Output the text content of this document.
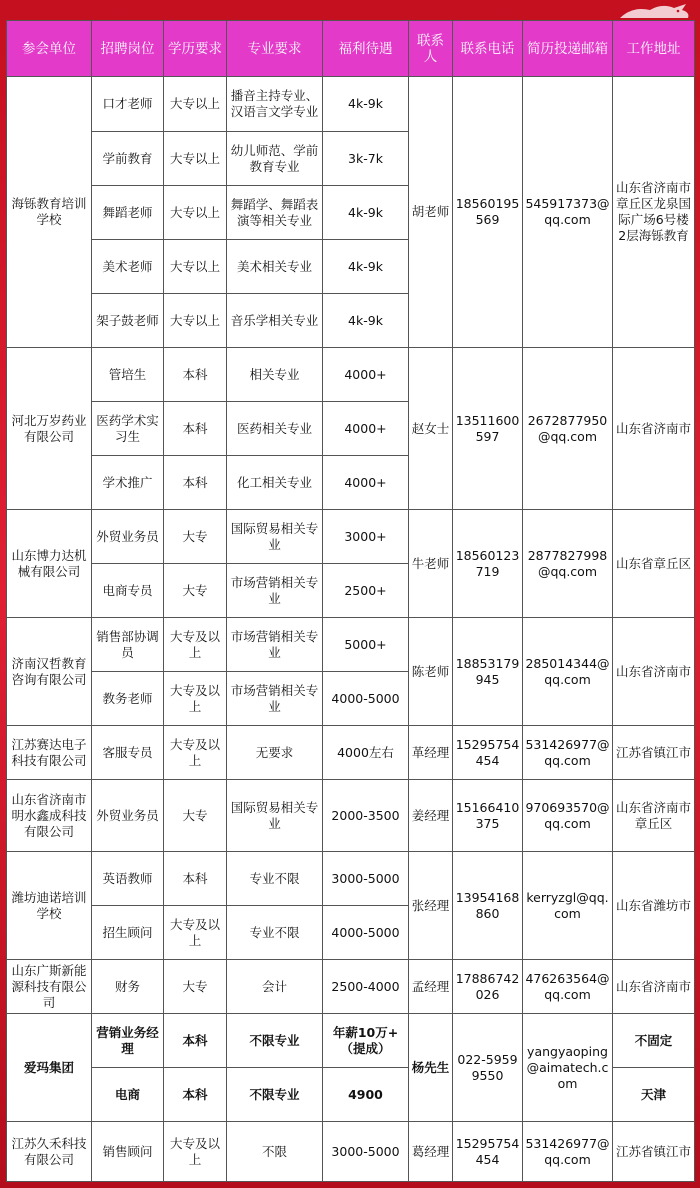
参会单位	招聘岗位	学历要求	专业要求	福利待遇	联系人	联系电话	简历投递邮箱	工作地址
海铄教育培训学校	口才老师	大专以上	播音主持专业、汉语言文学专业	4k-9k	胡老师	18560195569	545917373@qq.com	山东省济南市章丘区龙泉国际广场6号楼2层海铄教育
	学前教育	大专以上	幼儿师范、学前教育专业	3k-7k				
	舞蹈老师	大专以上	舞蹈学、舞蹈表演等相关专业	4k-9k				
	美术老师	大专以上	美术相关专业	4k-9k				
	架子鼓老师	大专以上	音乐学相关专业	4k-9k				
河北万岁药业有限公司	管培生	本科	相关专业	4000+	赵女士	13511600597	2672877950@qq.com	山东省济南市
	医药学术实习生	本科	医药相关专业	4000+				
	学术推广	本科	化工相关专业	4000+				
山东博力达机械有限公司	外贸业务员	大专	国际贸易相关专业	3000+	牛老师	18560123719	2877827998@qq.com	山东省章丘区
	电商专员	大专	市场营销相关专业	2500+				
济南汉哲教育咨询有限公司	销售部协调员	大专及以上	市场营销相关专业	5000+	陈老师	18853179945	285014344@qq.com	山东省济南市
	教务老师	大专及以上	市场营销相关专业	4000-5000				
江苏赛达电子科技有限公司	客服专员	大专及以上	无要求	4000左右	革经理	15295754454	531426977@qq.com	江苏省镇江市
山东省济南市明水鑫成科技有限公司	外贸业务员	大专	国际贸易相关专业	2000-3500	姜经理	15166410375	970693570@qq.com	山东省济南市章丘区
潍坊迪诺培训学校	英语教师	本科	专业不限	3000-5000	张经理	13954168860	kerryzgl@qq.com	山东省潍坊市
	招生顾问	大专及以上	专业不限	4000-5000				
山东广斯新能源科技有限公司	财务	大专	会计	2500-4000	孟经理	17886742026	476263564@qq.com	山东省济南市
爱玛集团	营销业务经理	本科	不限专业	年薪10万+（提成）	杨先生	022-59599550	yangyaoping@aimatech.com	不固定
	电商	本科	不限专业	4900				天津
江苏久禾科技有限公司	销售顾问	大专及以上	不限	3000-5000	葛经理	15295754454	531426977@qq.com	江苏省镇江市
